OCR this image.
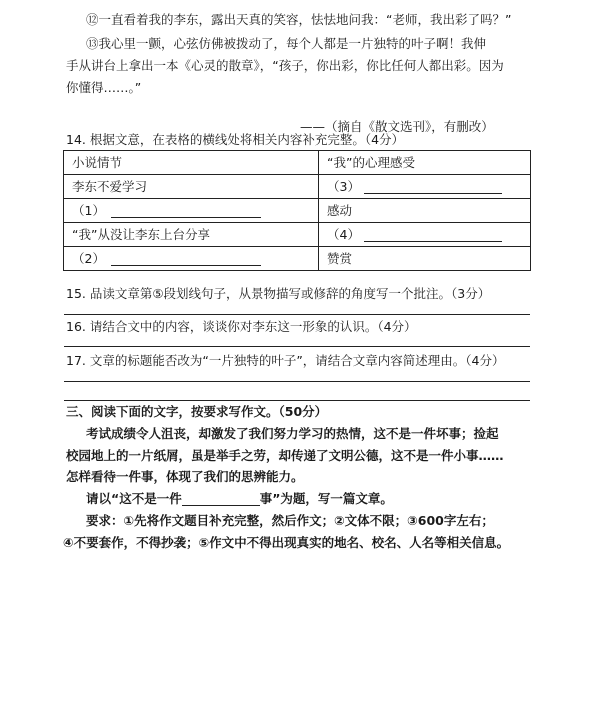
⑫一直看着我的李东，露出天真的笑容，怯怯地问我：“老师，我出彩了吗？”
⑬我心里一颤，心弦仿佛被拨动了，每个人都是一片独特的叶子啊！我伸
手从讲台上拿出一本《心灵的散章》，“孩子，你出彩，你比任何人都出彩。因为
你懂得……。”
——（摘自《散文选刊》，有删改）
14. 根据文意，在表格的横线处将相关内容补充完整。（4分）
小说情节	“我”的心理感受
李东不爱学习	（3）
（1）	感动
“我”从没让李东上台分享	（4）
（2）	赞赏
15. 品读文章第⑤段划线句子，从景物描写或修辞的角度写一个批注。（3分）
16. 请结合文中的内容，谈谈你对李东这一形象的认识。（4分）
17. 文章的标题能否改为“一片独特的叶子”，请结合文章内容简述理由。（4分）
三、阅读下面的文字，按要求写作文。（50分）
考试成绩令人沮丧，却激发了我们努力学习的热情，这不是一件坏事；捡起
校园地上的一片纸屑，虽是举手之劳，却传递了文明公德，这不是一件小事……
怎样看待一件事，体现了我们的思辨能力。
请以“这不是一件	事”为题，写一篇文章。
要求：①先将作文题目补充完整，然后作文；②文体不限；③600字左右；
④不要套作，不得抄袭；⑤作文中不得出现真实的地名、校名、人名等相关信息。
